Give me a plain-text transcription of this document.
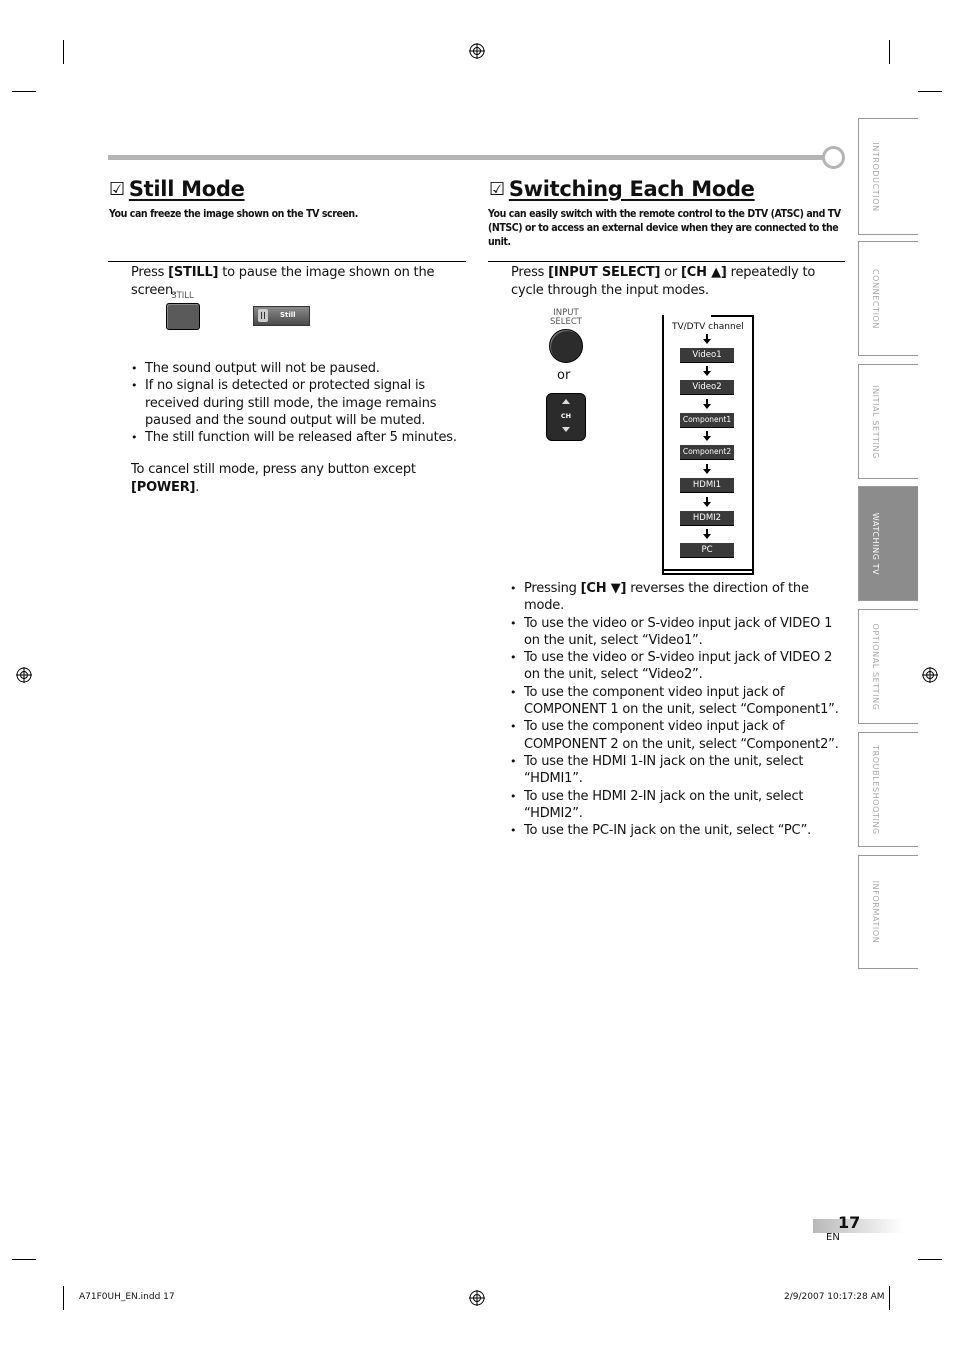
☑ Still Mode

You can freeze the image shown on the TV screen.

Press [STILL] to pause the image shown on the screen.
STILL
Still
• The sound output will not be paused.
• If no signal is detected or protected signal is received during still mode, the image remains paused and the sound output will be muted.
• The still function will be released after 5 minutes.
To cancel still mode, press any button except [POWER].
☑ Switching Each Mode

You can easily switch with the remote control to the DTV (ATSC) and TV (NTSC) or to access an external device when they are connected to the unit.

Press [INPUT SELECT] or [CH ▲] repeatedly to cycle through the input modes.
INPUT SELECT
or
CH
TV/DTV channel
Video1
Video2
Component1
Component2
HDMI1
HDMI2
PC
• Pressing [CH ▼] reverses the direction of the mode.
• To use the video or S-video input jack of VIDEO 1 on the unit, select “Video1”.
• To use the video or S-video input jack of VIDEO 2 on the unit, select “Video2”.
• To use the component video input jack of COMPONENT 1 on the unit, select “Component1”.
• To use the component video input jack of COMPONENT 2 on the unit, select “Component2”.
• To use the HDMI 1-IN jack on the unit, select “HDMI1”.
• To use the HDMI 2-IN jack on the unit, select “HDMI2”.
• To use the PC-IN jack on the unit, select “PC”.
INTRODUCTION
CONNECTION
INITIAL SETTING
WATCHING TV
OPTIONAL SETTING
TROUBLESHOOTING
INFORMATION
17
EN
A71F0UH_EN.indd 17	2/9/2007 10:17:28 AM
